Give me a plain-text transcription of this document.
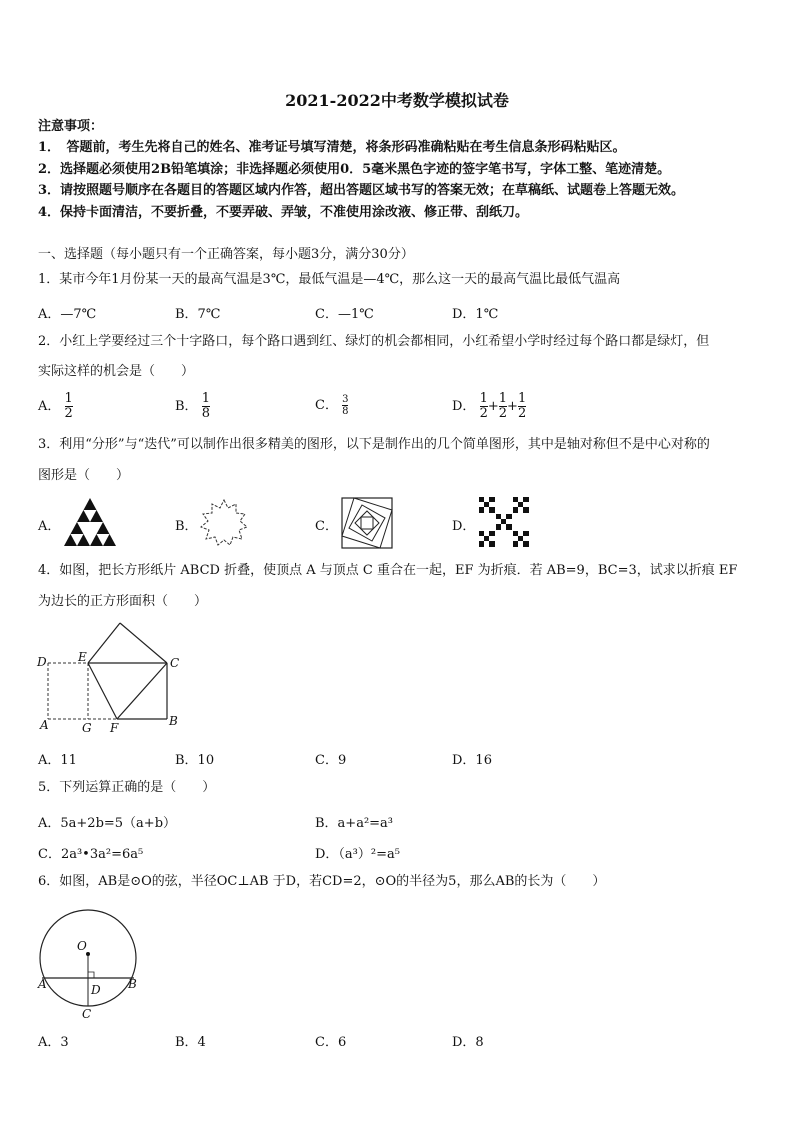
2021-2022中考数学模拟试卷
注意事项：
1．　答题前，考生先将自己的姓名、准考证号填写清楚，将条形码准确粘贴在考生信息条形码粘贴区。
2．选择题必须使用2B铅笔填涂；非选择题必须使用0．5毫米黑色字迹的签字笔书写，字体工整、笔迹清楚。
3．请按照题号顺序在各题目的答题区域内作答，超出答题区域书写的答案无效；在草稿纸、试题卷上答题无效。
4．保持卡面清洁，不要折叠，不要弄破、弄皱，不准使用涂改液、修正带、刮纸刀。
一、选择题（每小题只有一个正确答案，每小题3分，满分30分）
1．某市今年1月份某一天的最高气温是3℃，最低气温是—4℃，那么这一天的最高气温比最低气温高
A．—7℃	B．7℃	C．—1℃	D．1℃
2．小红上学要经过三个十字路口，每个路口遇到红、绿灯的机会都相同，小红希望小学时经过每个路口都是绿灯，但
实际这样的机会是（　　）
A． $\frac{1}{2}$	B． $\frac{1}{8}$	C． $\frac{3}{8}$	D． $\frac{1}{2} + \frac{1}{2} + \frac{1}{2}$
3．利用“分形”与“迭代”可以制作出很多精美的图形，以下是制作出的几个简单图形，其中是轴对称但不是中心对称的
图形是（　　）
A．	B．	C．	D．
4．如图，把长方形纸片 ABCD 折叠，使顶点 A 与顶点 C 重合在一起，EF 为折痕．若 AB=9，BC=3，试求以折痕 EF
为边长的正方形面积（　　）
D	E	C
A	G F	B
A．11	B．10	C．9	D．16
5．下列运算正确的是（　　）
A．5a+2b=5（a+b）	B．a+a²=a³
C．2a³•3a²=6a⁵	D．（a³）²=a⁵
6．如图，AB是⊙O的弦，半径OC⊥AB 于D，若CD=2，⊙O的半径为5，那么AB的长为（　　）
O
A	D B
C
A．3	B．4	C．6	D．8
